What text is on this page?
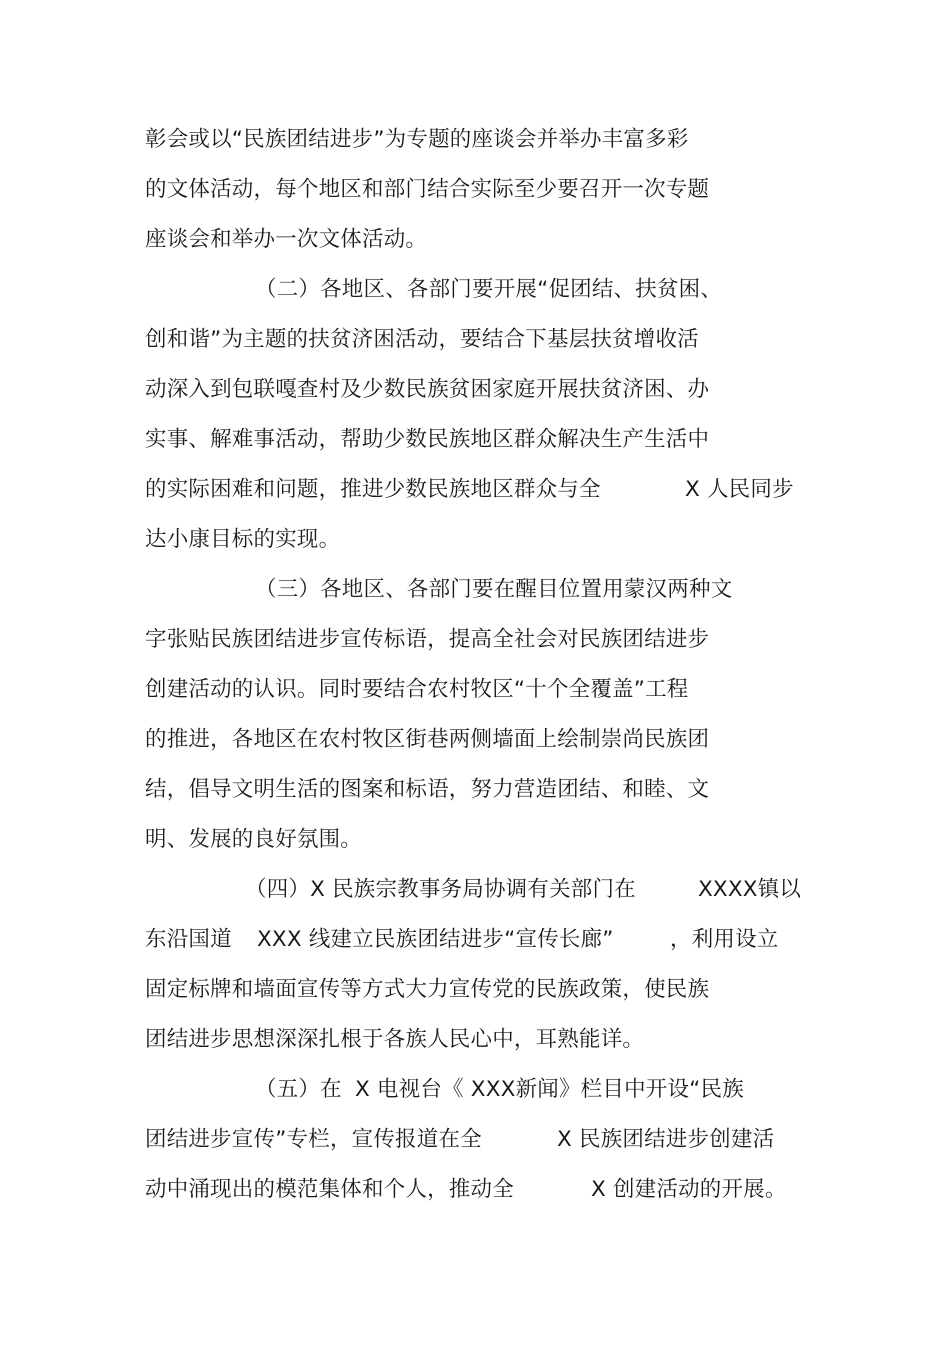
彰会或以“民族团结进步”为专题的座谈会并举办丰富多彩

的文体活动，每个地区和部门结合实际至少要召开一次专题

座谈会和举办一次文体活动。

（二）各地区、各部门要开展“促团结、扶贫困、

创和谐”为主题的扶贫济困活动，要结合下基层扶贫增收活

动深入到包联嘎查村及少数民族贫困家庭开展扶贫济困、办

实事、解难事活动，帮助少数民族地区群众解决生产生活中

的实际困难和问题，推进少数民族地区群众与全

	X 人民同步

达小康目标的实现。

（三）各地区、各部门要在醒目位置用蒙汉两种文

字张贴民族团结进步宣传标语，提高全社会对民族团结进步

创建活动的认识。同时要结合农村牧区“十个全覆盖”工程

的推进，各地区在农村牧区街巷两侧墙面上绘制崇尚民族团

结，倡导文明生活的图案和标语，努力营造团结、和睦、文

明、发展的良好氛围。

（四）X 民族宗教事务局协调有关部门在

	XXXX镇以

东沿国道

XXX 线建立民族团结进步“宣传长廊”

	，利用设立

固定标牌和墙面宣传等方式大力宣传党的民族政策，使民族

团结进步思想深深扎根于各族人民心中，耳熟能详。

（五）在

X 电视台《 XXX新闻》栏目中开设“民族

团结进步宣传”专栏，宣传报道在全

	X 民族团结进步创建活

动中涌现出的模范集体和个人，推动全

	X 创建活动的开展。
